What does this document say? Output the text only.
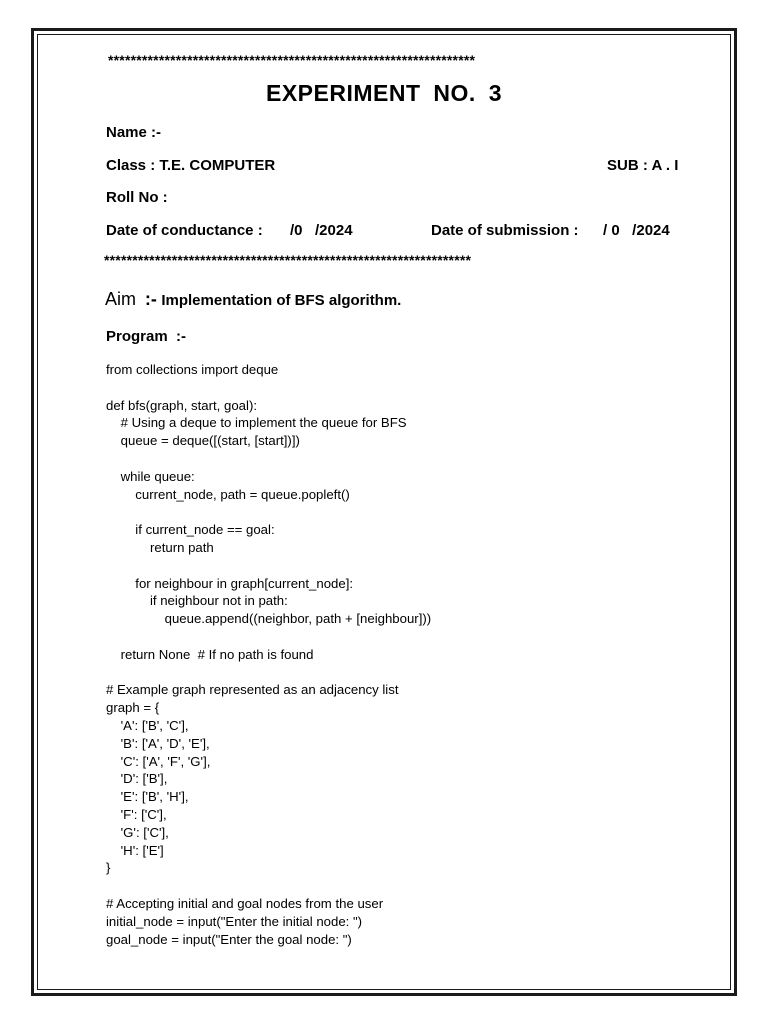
*****************************************************************
EXPERIMENT NO. 3
Name :-
Class : T.E. COMPUTER	SUB : A . I
Roll No :
Date of conductance : /0   /2024	Date of submission : / 0   /2024
*****************************************************************
Aim :- Implementation of BFS algorithm.
Program  :-
from collections import deque
def bfs(graph, start, goal):
# Using a deque to implement the queue for BFS
queue = deque([(start, [start])])
while queue:
current_node, path = queue.popleft()
if current_node == goal:
return path
for neighbour in graph[current_node]:
if neighbour not in path:
queue.append((neighbor, path + [neighbour]))
return None  # If no path is found
# Example graph represented as an adjacency list
graph = {
'A': ['B', 'C'],
'B': ['A', 'D', 'E'],
'C': ['A', 'F', 'G'],
'D': ['B'],
'E': ['B', 'H'],
'F': ['C'],
'G': ['C'],
'H': ['E']
}
# Accepting initial and goal nodes from the user
initial_node = input("Enter the initial node: ")
goal_node = input("Enter the goal node: ")
